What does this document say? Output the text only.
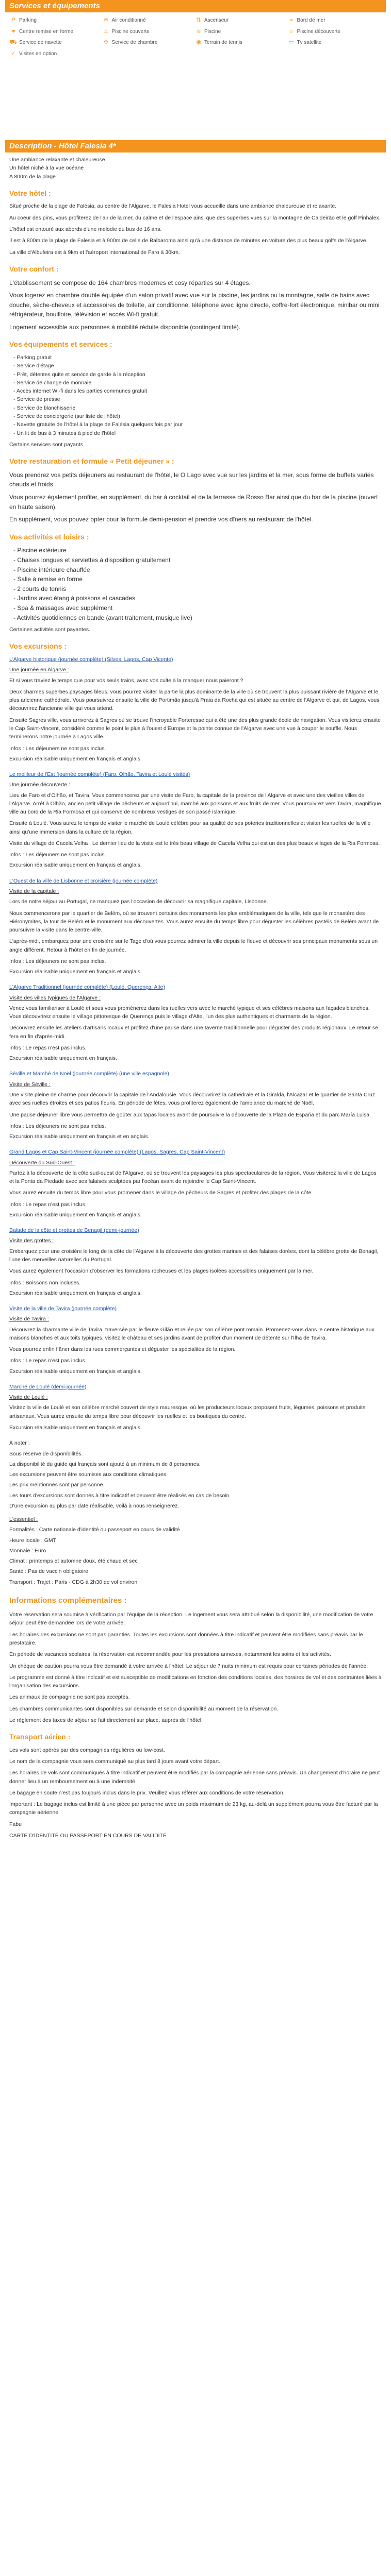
Services et équipements
P Parking	❄ Air conditionné	⇅ Ascenseur	≈ Bord de mer
♥ Centre remise en forme	♨ Piscine couverte	≋ Piscine	☼ Piscine découverte
⛟ Service de navette	✣ Service de chambre	◉ Terrain de tennis	▭ Tv satellite
✓ Visites en option
Description - Hôtel Falesia 4*

Une ambiance relaxante et chaleureuse

Un hôtel niché à la vue océane

A 800m de la plage

Votre hôtel :

Situé proche de la plage de Falésia, au centre de l'Algarve, le Falesia Hotel vous accueille dans une ambiance chaleureuse et relaxante.

Au coeur des pins, vous profiterez de l'air de la mer, du calme et de l'espace ainsi que des superbes vues sur la montagne de Caldeirão et le golf Pinhalex.

L'hôtel est entouré aux abords d'une melodie du bus de 16 ans.

Il est à 800m de la plage de Falesia et à 900m de celle de Balbaroma ainsi qu'à une distance de minutes en voiture des plus beaux golfs de l'Algarve.

La ville d'Albufeira est à 9km et l'aéroport international de Faro à 30km.

Votre confort :

L'établissement se compose de 164 chambres modernes et cosy réparties sur 4 étages.

Vous logerez en chambre double équipée d'un salon privatif avec vue sur la piscine, les jardins ou la montagne, salle de bains avec douche, sèche-cheveux et accessoires de toilette, air conditionné, téléphone avec ligne directe, coffre-fort électronique, minibar ou mini réfrigérateur, bouilloire, télévision et accès Wi-fi gratuit.

Logement accessible aux personnes à mobilité réduite disponible (contingent limité).

Vos équipements et services :
- Parking gratuit
- Service d'étage
- Prêt, détentes quite et service de garde à la réception
- Service de change de monnaie
- Accès internet Wi-fi dans les parties communes gratuit
- Service de presse
- Service de blanchisserie
- Service de conciergerie (sur liste de l'hôtel)
- Navette gratuite de l'hôtel à la plage de Falésia quelques fois par jour
- Un lit de bus à 3 minutes à pied de l'hôtel

Certains services sont payants.

Votre restauration et formule « Petit déjeuner » :

Vous prendrez vos petits déjeuners au restaurant de l'hôtel, le O Lago avec vue sur les jardins et la mer, sous forme de buffets variés chauds et froids.

Vous pourrez également profiter, en supplément, du bar à cocktail et de la terrasse de Rosso Bar ainsi que du bar de la piscine (ouvert en haute saison).

En supplément, vous pouvez opter pour la formule demi-pension et prendre vos dîners au restaurant de l'hôtel.

Vos activités et loisirs :
- Piscine extérieure
- Chaises longues et serviettes à disposition gratuitement
- Piscine intérieure chauffée
- Salle à remise en forme
- 2 courts de tennis
- Jardins avec étang à poissons et cascades
- Spa & massages avec supplément
- Activités quotidiennes en bande (avant traitement, musique live)

Certaines activités sont payantes.

Vos excursions :
L'Algarve historique (journée complète) (Silves, Lagos, Cap Vicente)
Une journée en Algarve :

Et si vous traviez le temps que pour vos seuls trains, avec vos culte à la manquer nous paieront ?

Deux charmes superbes paysages bleus, vous pourrez visiter la partie la plus dominante de la ville où se trouvent la plus puissant rivière de l'Algarve et le plus ancienne cathédrale. Vous poursuivrez ensuite la ville de Portimão jusqu'à Praia da Rocha qui est située au centre de l'Algarve et qui, de Lagos, vous découvrirez l'ancienne ville qui vous attend.

Ensuite Sagres ville, vous arriverez à Sagres où se trouve l'incroyable Forteresse qui a été une des plus grande école de navigation. Vous visiterez ensuite le Cap Saint-Vincent, considéré comme le point le plus à l'ouest d'Europe et la pointe connue de l'Algarve avec une vue à couper le souffle. Nous terminerons notre journée à Lagos ville.

Infos : Les déjeuners ne sont pas inclus.
Excursion réalisable uniquement en français et anglais.
Le meilleur de l'Est (journée complète) (Faro, Olhão, Tavira et Loulé visités)
Une journée découverte :

Lieu de Faro et d'Olhão, et Tavira. Vous commencerez par une visite de Faro, la capitale de la province de l'Algarve et avec une des vieilles villes de l'Algarve. Arrêt à Olhão, ancien petit village de pêcheurs et aujourd'hui, marché aux poissons et aux fruits de mer. Vous poursuivrez vers Tavira, magnifique ville au bord de la Ria Formosa et qui conserve de nombreux vestiges de son passé islamique.

Ensuite à Loulé. Vous aurez le temps de visiter le marché de Loulé célèbre pour sa qualité de ses poteries traditionnelles et visiter les ruelles de la ville ainsi qu'une immersion dans la culture de la région.

Visite du village de Cacela Velha : Le dernier lieu de la visite est le très beau village de Cacela Velha qui est un des plus beaux villages de la Ria Formosa.

Infos : Les déjeuners ne sont pas inclus.
Excursion réalisable uniquement en français et anglais.
L'Ouest de la ville de Lisbonne et croisière (journée complète)
Visite de la capitale :

Lors de notre séjour au Portugal, ne manquez pas l'occasion de découvrir sa magnifique capitale, Lisbonne.

Nous commencerons par le quartier de Belém, où se trouvent certains des monuments les plus emblématiques de la ville, tels que le monastère des Hiéronymites, la tour de Belém et le monument aux découvertes. Vous aurez ensuite du temps libre pour déguster les célèbres pastéis de Belém avant de poursuivre la visite dans le centre-ville.

L'après-midi, embarquez pour une croisière sur le Tage d'où vous pourrez admirer la ville depuis le fleuve et découvrir ses principaux monuments sous un angle différent. Retour à l'hôtel en fin de journée.

Infos : Les déjeuners ne sont pas inclus.
Excursion réalisable uniquement en français et anglais.
L'Algarve Traditionnel (journée complète) (Loulé, Querença, Alte)
Visite des villes typiques de l'Algarve :

Venez vous familiariser à Loulé et sous vous promènerez dans les ruelles vers avec le marché typique et ses célèbres maisons aux façades blanches. Vous découvrirez ensuite le village pittoresque de Querença puis le village d'Alte, l'un des plus authentiques et charmants de la région.

Découvrez ensuite les ateliers d'artisans locaux et profitez d'une pause dans une taverne traditionnelle pour déguster des produits régionaux. Le retour se fera en fin d'après-midi.

Infos : Le repas n'est pas inclus.
Excursion réalisable uniquement en français.
Séville et Marché de Noël (journée complète) (une ville espagnole)
Visite de Séville :

Une visite pleine de charme pour découvrir la capitale de l'Andalousie. Vous découvrirez la cathédrale et la Giralda, l'Alcazar et le quartier de Santa Cruz avec ses ruelles étroites et ses patios fleuris. En période de fêtes, vous profiterez également de l'ambiance du marché de Noël.

Une pause déjeuner libre vous permettra de goûter aux tapas locales avant de poursuivre la découverte de la Plaza de España et du parc María Luisa.

Infos : Les déjeuners ne sont pas inclus.
Excursion réalisable uniquement en français et en anglais.
Grand Lagos et Cap Saint-Vincent (journée complète) (Lagos, Sagres, Cap Saint-Vincent)
Découverte du Sud-Ouest :

Partez à la découverte de la côte sud-ouest de l'Algarve, où se trouvent les paysages les plus spectaculaires de la région. Vous visiterez la ville de Lagos et la Ponta da Piedade avec ses falaises sculptées par l'océan avant de rejoindre le Cap Saint-Vincent.

Vous aurez ensuite du temps libre pour vous promener dans le village de pêcheurs de Sagres et profiter des plages de la côte.

Infos : Le repas n'est pas inclus.
Excursion réalisable uniquement en français et anglais.
Balade de la côte et grottes de Benagil (demi-journée)
Visite des grottes :

Embarquez pour une croisière le long de la côte de l'Algarve à la découverte des grottes marines et des falaises dorées, dont la célèbre grotte de Benagil, l'une des merveilles naturelles du Portugal.

Vous aurez également l'occasion d'observer les formations rocheuses et les plages isolées accessibles uniquement par la mer.

Infos : Boissons non incluses.
Excursion réalisable uniquement en français et anglais.
Visite de la ville de Tavira (journée complète)
Visite de Tavira :

Découvrez la charmante ville de Tavira, traversée par le fleuve Gilão et reliée par son célèbre pont romain. Promenez-vous dans le centre historique aux maisons blanches et aux toits typiques, visitez le château et ses jardins avant de profiter d'un moment de détente sur l'Ilha de Tavira.

Vous pourrez enfin flâner dans les rues commerçantes et déguster les spécialités de la région.

Infos : Le repas n'est pas inclus.
Excursion réalisable uniquement en français et anglais.
Marché de Loulé (demi-journée)
Visite de Loulé :

Visitez la ville de Loulé et son célèbre marché couvert de style mauresque, où les producteurs locaux proposent fruits, légumes, poissons et produits artisanaux. Vous aurez ensuite du temps libre pour découvrir les ruelles et les boutiques du centre.

Excursion réalisable uniquement en français et anglais.

À noter :

Sous réserve de disponibilités.

La disponibilité du guide qui français sont ajouté à un minimum de 8 personnes.

Les excursions peuvent être soumises aux conditions climatiques.

Les prix mentionnés sont par personne.

Les tours d'excursions sont donnés à titre indicatif et peuvent être réalisés en cas de besoin.

D'une excursion au plus par date réalisable, voilà à nous renseignerez.

L'essentiel :

Formalités : Carte nationale d'identité ou passeport en cours de validité

Heure locale : GMT

Monnaie : Euro

Climat : printemps et automne doux, été chaud et sec

Santé : Pas de vaccin obligatoire

Transport : Trajet : Paris - CDG à 2h30 de vol environ

Informations complémentaires :

Votre réservation sera soumise à vérification par l'équipe de la réception. Le logement vous sera attribué selon la disponibilité, une modification de votre séjour peut être demandée lors de votre arrivée.

Les horaires des excursions ne sont pas garanties. Toutes les excursions sont données à titre indicatif et peuvent être modifiées sans préavis par le prestataire.

En période de vacances scolaires, la réservation est recommandée pour les prestations annexes, notamment les soins et les activités.

Un chèque de caution pourra vous être demandé à votre arrivée à l'hôtel. Le séjour de 7 nuits minimum est requis pour certaines périodes de l'année.

Le programme est donné à titre indicatif et est susceptible de modifications en fonction des conditions locales, des horaires de vol et des contraintes liées à l'organisation des excursions.

Les animaux de compagnie ne sont pas acceptés.

Les chambres communicantes sont disponibles sur demande et selon disponibilité au moment de la réservation.

Le règlement des taxes de séjour se fait directement sur place, auprès de l'hôtel.

Transport aérien :

Les vols sont opérés par des compagnies régulières ou low-cost.

Le nom de la compagnie vous sera communiqué au plus tard 8 jours avant votre départ.

Les horaires de vols sont communiqués à titre indicatif et peuvent être modifiés par la compagnie aérienne sans préavis. Un changement d'horaire ne peut donner lieu à un remboursement ou à une indemnité.

Le bagage en soute n'est pas toujours inclus dans le prix. Veuillez vous référer aux conditions de votre réservation.

Important : Le bagage inclus est limité à une pièce par personne avec un poids maximum de 23 kg, au-delà un supplément pourra vous être facturé par la compagnie aérienne.

Fabu

CARTE D'IDENTITÉ OU PASSEPORT EN COURS DE VALIDITÉ
